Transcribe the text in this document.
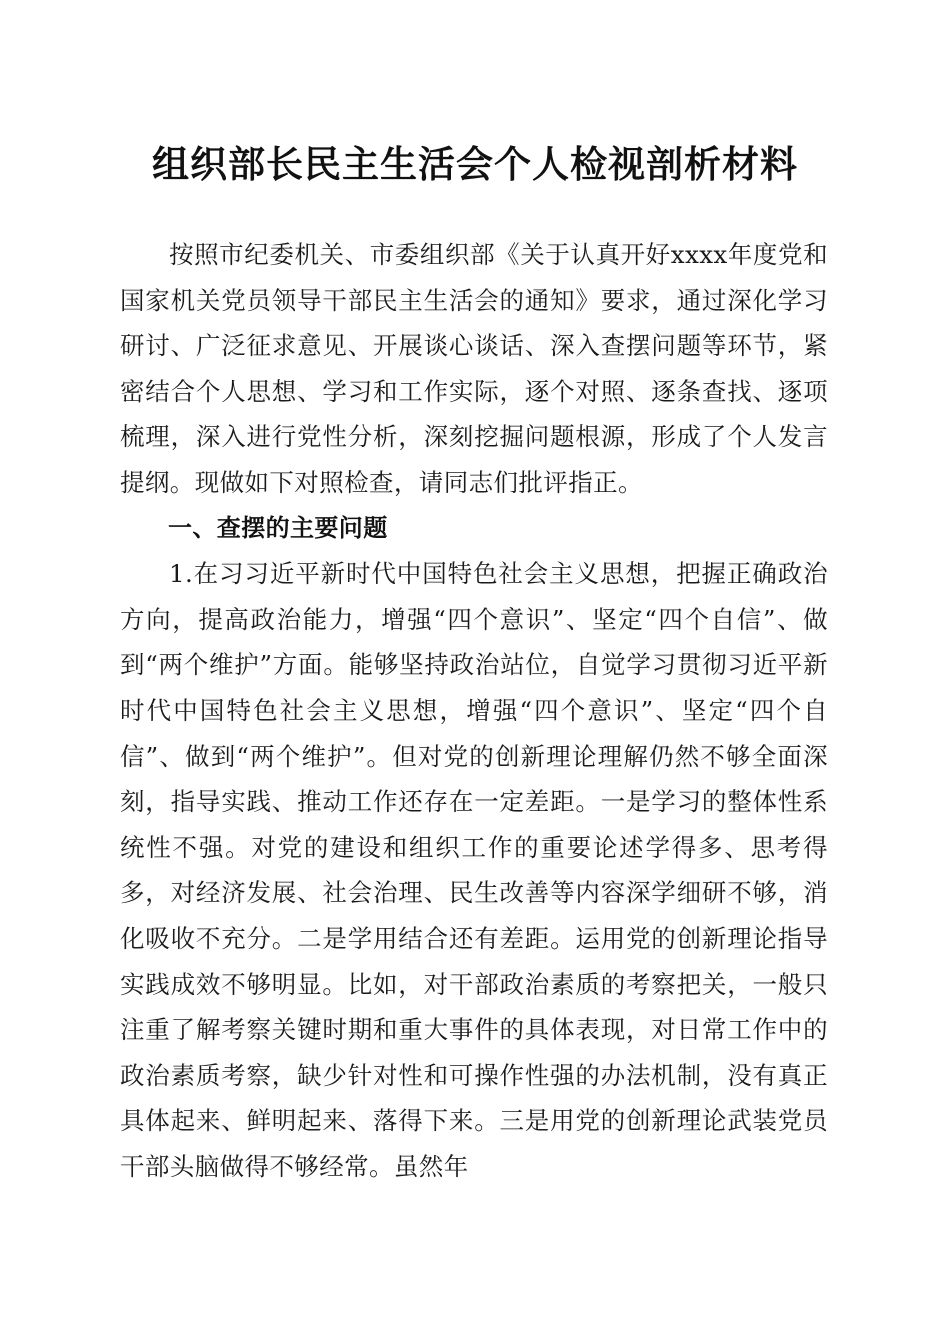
组织部长民主生活会个人检视剖析材料

按照市纪委机关、市委组织部《关于认真开好xxxx年度党和国家机关党员领导干部民主生活会的通知》要求，通过深化学习研讨、广泛征求意见、开展谈心谈话、深入查摆问题等环节，紧密结合个人思想、学习和工作实际，逐个对照、逐条查找、逐项梳理，深入进行党性分析，深刻挖掘问题根源，形成了个人发言提纲。现做如下对照检查，请同志们批评指正。

一、查摆的主要问题

1.在习习近平新时代中国特色社会主义思想，把握正确政治方向，提高政治能力，增强“四个意识”、坚定“四个自信”、做到“两个维护”方面。能够坚持政治站位，自觉学习贯彻习近平新时代中国特色社会主义思想，增强“四个意识”、坚定“四个自信”、做到“两个维护”。但对党的创新理论理解仍然不够全面深刻，指导实践、推动工作还存在一定差距。一是学习的整体性系统性不强。对党的建设和组织工作的重要论述学得多、思考得多，对经济发展、社会治理、民生改善等内容深学细研不够，消化吸收不充分。二是学用结合还有差距。运用党的创新理论指导实践成效不够明显。比如，对干部政治素质的考察把关，一般只注重了解考察关键时期和重大事件的具体表现，对日常工作中的政治素质考察，缺少针对性和可操作性强的办法机制，没有真正具体起来、鲜明起来、落得下来。三是用党的创新理论武装党员干部头脑做得不够经常。虽然年
